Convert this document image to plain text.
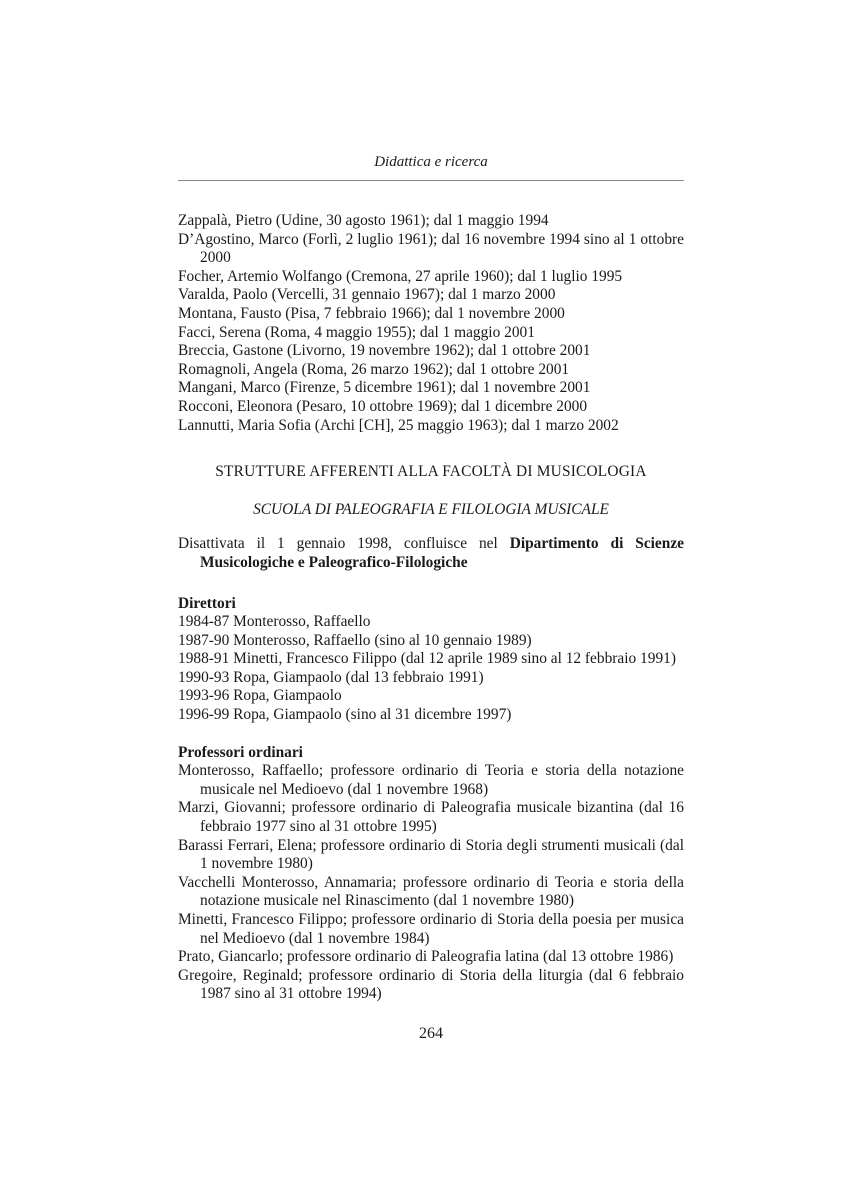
Didattica e ricerca
Zappalà, Pietro (Udine, 30 agosto 1961); dal 1 maggio 1994
D’Agostino, Marco (Forlì, 2 luglio 1961); dal 16 novembre 1994 sino al 1 ottobre 2000
Focher, Artemio Wolfango (Cremona, 27 aprile 1960); dal 1 luglio 1995
Varalda, Paolo (Vercelli, 31 gennaio 1967); dal 1 marzo 2000
Montana, Fausto (Pisa, 7 febbraio 1966); dal 1 novembre 2000
Facci, Serena (Roma, 4 maggio 1955); dal 1 maggio 2001
Breccia, Gastone (Livorno, 19 novembre 1962); dal 1 ottobre 2001
Romagnoli, Angela (Roma, 26 marzo 1962); dal 1 ottobre 2001
Mangani, Marco (Firenze, 5 dicembre 1961); dal 1 novembre 2001
Rocconi, Eleonora (Pesaro, 10 ottobre 1969); dal 1 dicembre 2000
Lannutti, Maria Sofia (Archi [CH], 25 maggio 1963); dal 1 marzo 2002
STRUTTURE AFFERENTI ALLA FACOLTÀ DI MUSICOLOGIA
SCUOLA DI PALEOGRAFIA E FILOLOGIA MUSICALE
Disattivata il 1 gennaio 1998, confluisce nel Dipartimento di Scienze Musicologiche e Paleografico-Filologiche
Direttori
1984-87 Monterosso, Raffaello
1987-90 Monterosso, Raffaello (sino al 10 gennaio 1989)
1988-91 Minetti, Francesco Filippo (dal 12 aprile 1989 sino al 12 febbraio 1991)
1990-93 Ropa, Giampaolo (dal 13 febbraio 1991)
1993-96 Ropa, Giampaolo
1996-99 Ropa, Giampaolo (sino al 31 dicembre 1997)
Professori ordinari
Monterosso, Raffaello; professore ordinario di Teoria e storia della notazione musicale nel Medioevo (dal 1 novembre 1968)
Marzi, Giovanni; professore ordinario di Paleografia musicale bizantina (dal 16 febbraio 1977 sino al 31 ottobre 1995)
Barassi Ferrari, Elena; professore ordinario di Storia degli strumenti musicali (dal 1 novembre 1980)
Vacchelli Monterosso, Annamaria; professore ordinario di Teoria e storia della notazione musicale nel Rinascimento (dal 1 novembre 1980)
Minetti, Francesco Filippo; professore ordinario di Storia della poesia per musica nel Medioevo (dal 1 novembre 1984)
Prato, Giancarlo; professore ordinario di Paleografia latina (dal 13 ottobre 1986)
Gregoire, Reginald; professore ordinario di Storia della liturgia (dal 6 febbraio 1987 sino al 31 ottobre 1994)
264
